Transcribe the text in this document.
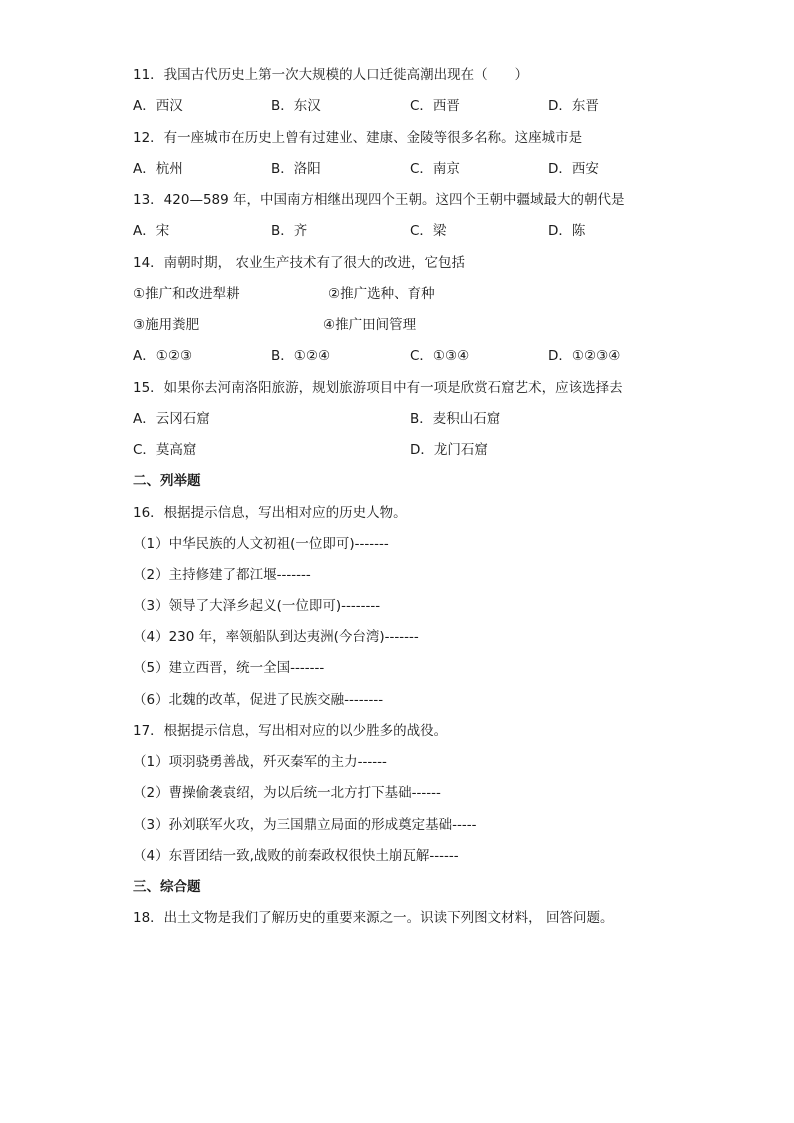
11．我国古代历史上第一次大规模的人口迁徙高潮出现在（　　）
A．西汉	B．东汉	C．西晋	D．东晋
12．有一座城市在历史上曾有过建业、建康、金陵等很多名称。这座城市是
A．杭州	B．洛阳	C．南京	D．西安
13．420—589 年，中国南方相继出现四个王朝。这四个王朝中疆域最大的朝代是
A．宋	B．齐	C．梁	D．陈
14．南朝时期， 农业生产技术有了很大的改进，它包括
①推广和改进犁耕	②推广选种、育种
③施用粪肥	④推广田间管理
A．①②③	B．①②④	C．①③④	D．①②③④
15．如果你去河南洛阳旅游，规划旅游项目中有一项是欣赏石窟艺术，应该选择去
A．云冈石窟	B．麦积山石窟
C．莫高窟	D．龙门石窟
二、列举题
16．根据提示信息，写出相对应的历史人物。
（1）中华民族的人文初祖(一位即可)-------
（2）主持修建了都江堰-------
（3）领导了大泽乡起义(一位即可)--------
（4）230 年，率领船队到达夷洲(今台湾)-------
（5）建立西晋，统一全国-------
（6）北魏的改革，促进了民族交融--------
17．根据提示信息，写出相对应的以少胜多的战役。
（1）项羽骁勇善战，歼灭秦军的主力------
（2）曹操偷袭袁绍，为以后统一北方打下基础------
（3）孙刘联军火攻，为三国鼎立局面的形成奠定基础-----
（4）东晋团结一致,战败的前秦政权很快土崩瓦解------
三、综合题
18．出土文物是我们了解历史的重要来源之一。识读下列图文材料， 回答问题。
